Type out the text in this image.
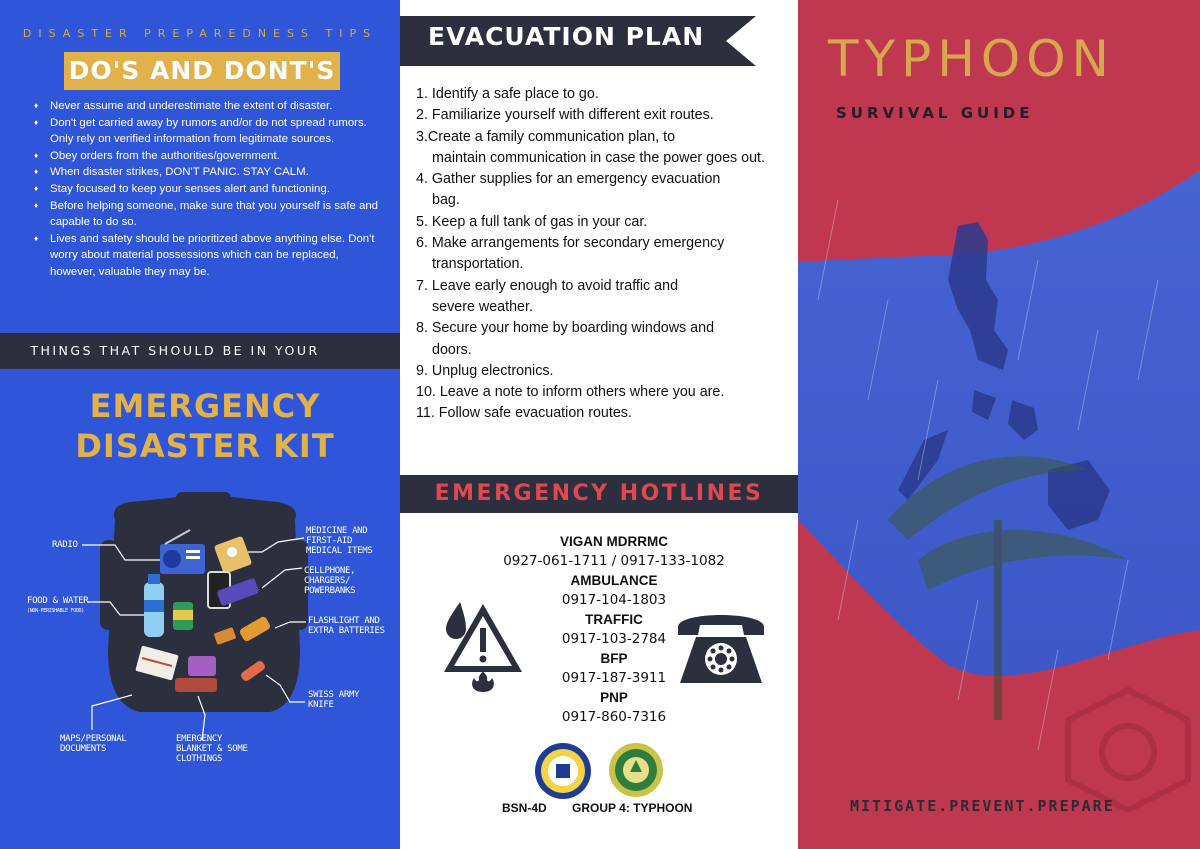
DISASTER PREPAREDNESS TIPS
DO'S AND DONT'S
♦ Never assume and underestimate the extent of disaster.
♦ Don't get carried away by rumors and/or do not spread rumors. Only rely on verified information from legitimate sources.
♦ Obey orders from the authorities/government.
♦ When disaster strikes, DON'T PANIC. STAY CALM.
♦ Stay focused to keep your senses alert and functioning.
♦ Before helping someone, make sure that you yourself is safe and capable to do so.
♦ Lives and safety should be prioritized above anything else. Don't worry about material possessions which can be replaced, however, valuable they may be.
THINGS THAT SHOULD BE IN YOUR
EMERGENCY
DISASTER KIT
RADIO
FOOD & WATER
(NON-PERISHABLE FOOD)
MAPS/PERSONAL DOCUMENTS
EMERGENCY BLANKET & SOME CLOTHINGS
MEDICINE AND FIRST-AID MEDICAL ITEMS
CELLPHONE, CHARGERS/ POWERBANKS
FLASHLIGHT AND EXTRA BATTERIES
SWISS ARMY KNIFE
EVACUATION PLAN
1. Identify a safe place to go.
2. Familiarize yourself with different exit routes.
3.Create a family communication plan, to
maintain communication in case the power goes out.
4. Gather supplies for an emergency evacuation
bag.
5. Keep a full tank of gas in your car.
6. Make arrangements for secondary emergency
transportation.
7. Leave early enough to avoid traffic and
severe weather.
8. Secure your home by boarding windows and
doors.
9. Unplug electronics.
10. Leave a note to inform others where you are.
11. Follow safe evacuation routes.
EMERGENCY HOTLINES
VIGAN MDRRMC
0927-061-1711 / 0917-133-1082
AMBULANCE
0917-104-1803
TRAFFIC
0917-103-2784
BFP
0917-187-3911
PNP
0917-860-7316
BSN-4D GROUP 4: TYPHOON
TYPHOON
SURVIVAL GUIDE
MITIGATE.PREVENT.PREPARE
